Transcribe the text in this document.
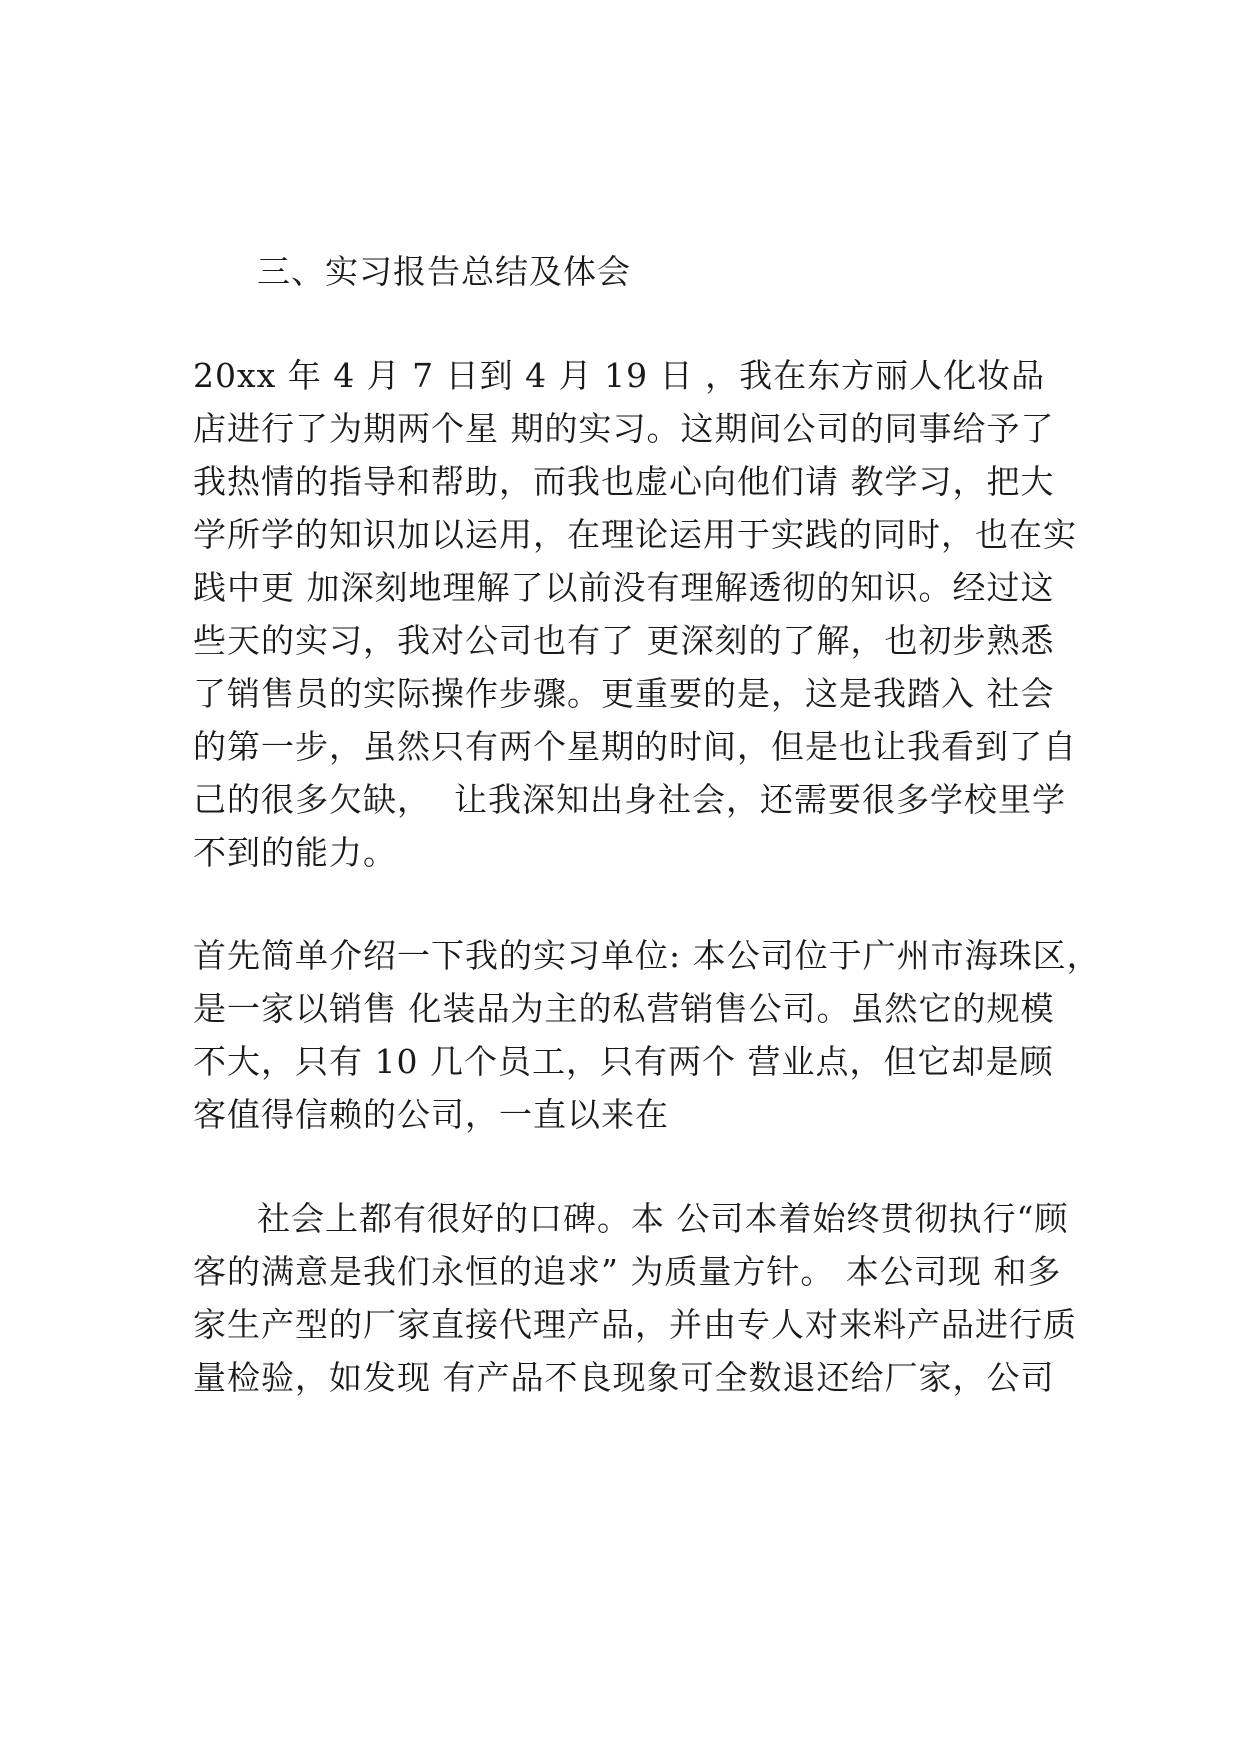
三、实习报告总结及体会
20xx 年 4 月 7 日到 4 月 19 日 ，我在东方丽人化妆品
店进行了为期两个星 期的实习。这期间公司的同事给予了
我热情的指导和帮助，而我也虚心向他们请 教学习，把大
学所学的知识加以运用，在理论运用于实践的同时，也在实
践中更 加深刻地理解了以前没有理解透彻的知识。经过这
些天的实习，我对公司也有了 更深刻的了解，也初步熟悉
了销售员的实际操作步骤。更重要的是，这是我踏入 社会
的第一步，虽然只有两个星期的时间，但是也让我看到了自
己的很多欠缺，  让我深知出身社会，还需要很多学校里学
不到的能力。
首先简单介绍一下我的实习单位: 本公司位于广州市海珠区，
是一家以销售 化装品为主的私营销售公司。虽然它的规模
不大，只有 10 几个员工，只有两个 营业点，但它却是顾
客值得信赖的公司，一直以来在
社会上都有很好的口碑。本 公司本着始终贯彻执行“顾
客的满意是我们永恒的追求” 为质量方针。 本公司现 和多
家生产型的厂家直接代理产品，并由专人对来料产品进行质
量检验，如发现 有产品不良现象可全数退还给厂家，公司
